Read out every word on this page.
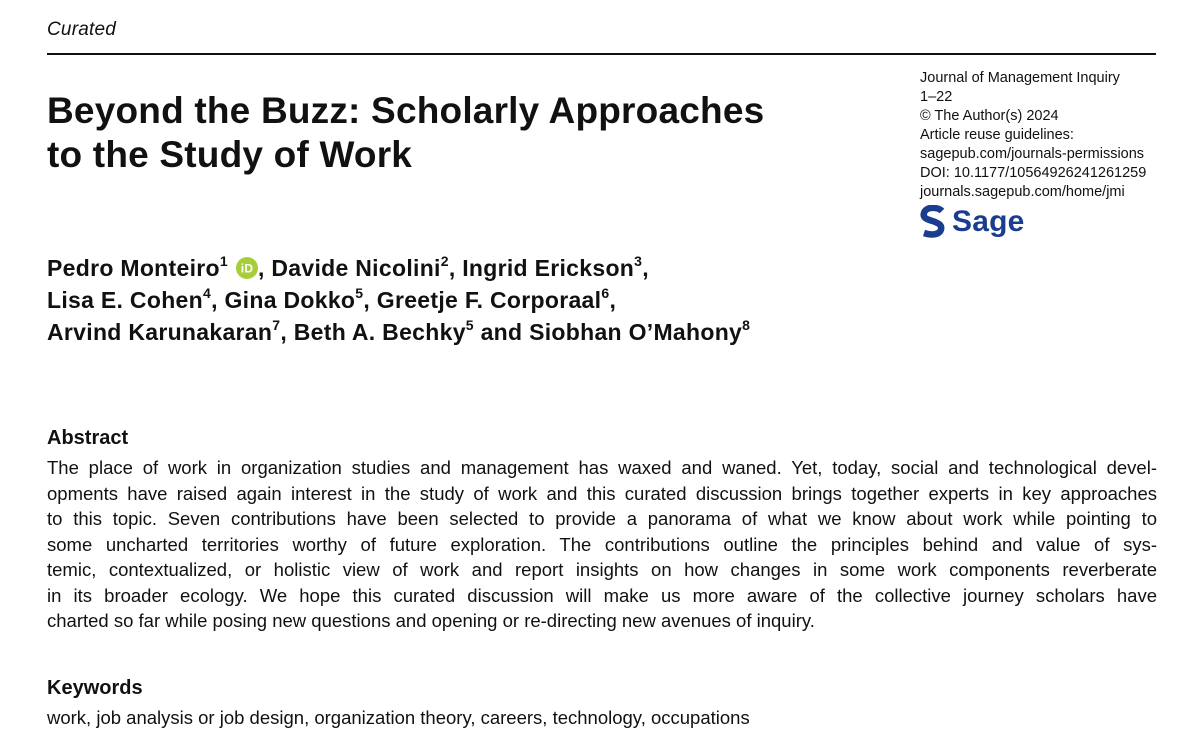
Curated
Beyond the Buzz: Scholarly Approaches
to the Study of Work
Journal of Management Inquiry
1–22
© The Author(s) 2024
Article reuse guidelines:
sagepub.com/journals-permissions
DOI: 10.1177/10564926241261259
journals.sagepub.com/home/jmi
Sage
Pedro Monteiro$^1$ iD , Davide Nicolini$^2$, Ingrid Erickson$^3$,
Lisa E. Cohen$^4$, Gina Dokko$^5$, Greetje F. Corporaal$^6$,
Arvind Karunakaran$^7$, Beth A. Bechky$^5$ and Siobhan O’Mahony$^8$
Abstract
The place of work in organization studies and management has waxed and waned. Yet, today, social and technological devel-
opments have raised again interest in the study of work and this curated discussion brings together experts in key approaches
to this topic. Seven contributions have been selected to provide a panorama of what we know about work while pointing to
some uncharted territories worthy of future exploration. The contributions outline the principles behind and value of sys-
temic, contextualized, or holistic view of work and report insights on how changes in some work components reverberate
in its broader ecology. We hope this curated discussion will make us more aware of the collective journey scholars have
charted so far while posing new questions and opening or re-directing new avenues of inquiry.
Keywords
work, job analysis or job design, organization theory, careers, technology, occupations
